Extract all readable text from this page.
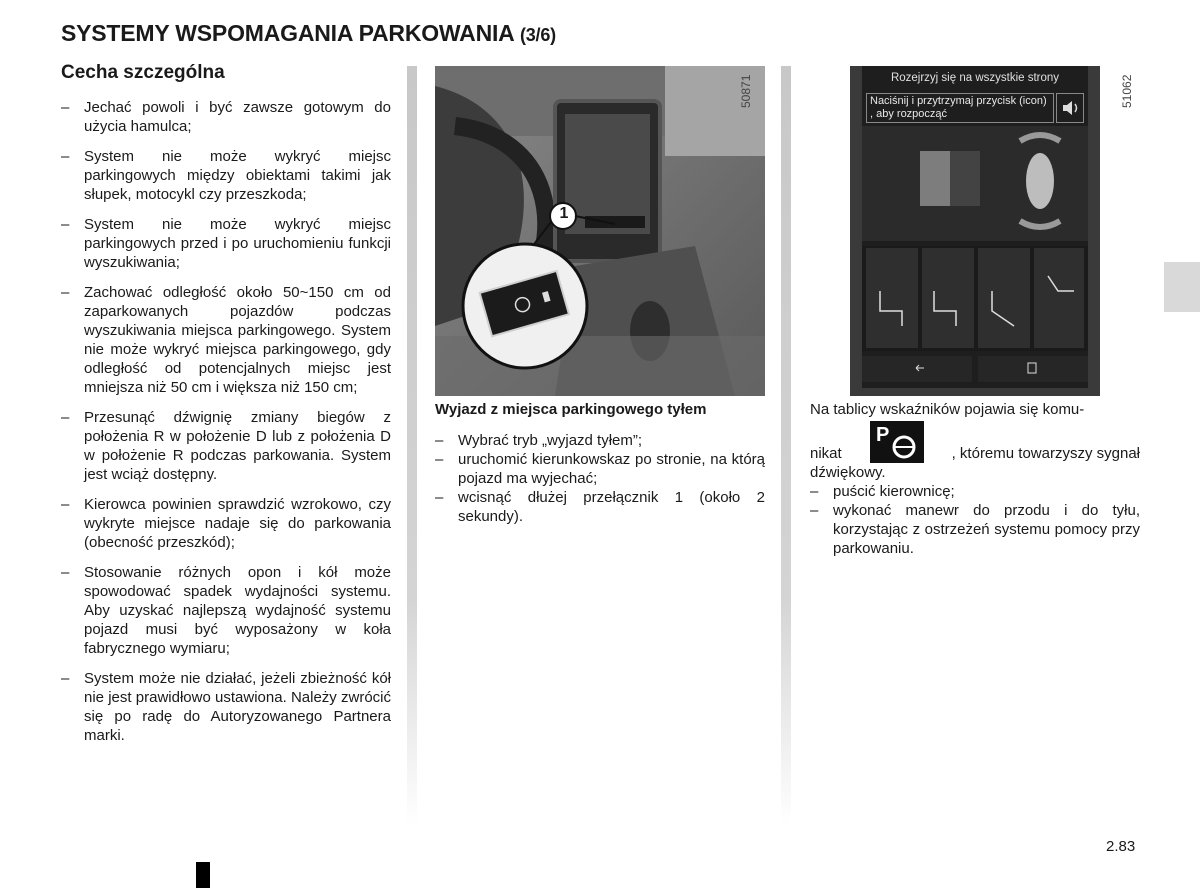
SYSTEMY WSPOMAGANIA PARKOWANIA (3/6)
Cecha szczególna
– Jechać powoli i być zawsze gotowym do użycia hamulca;
– System nie może wykryć miejsc parkingowych między obiektami takimi jak słupek, motocykl czy przeszkoda;
– System nie może wykryć miejsc parkingowych przed i po uruchomieniu funkcji wyszukiwania;
– Zachować odległość około 50~150 cm od zaparkowanych pojazdów podczas wyszukiwania miejsca parkingowego. System nie może wykryć miejsca parkingowego, gdy odległość od potencjalnych miejsc jest mniejsza niż 50 cm i większa niż 150 cm;
– Przesunąć dźwignię zmiany biegów z położenia R w położenie D lub z położenia D w położenie R podczas parkowania. System jest wciąż dostępny.
– Kierowca powinien sprawdzić wzrokowo, czy wykryte miejsce nadaje się do parkowania (obecność przeszkód);
– Stosowanie różnych opon i kół może spowodować spadek wydajności systemu. Aby uzyskać najlepszą wydajność systemu pojazd musi być wyposażony w koła fabrycznego wymiaru;
– System może nie działać, jeżeli zbieżność kół nie jest prawidłowo ustawiona. Należy zwrócić się po radę do Autoryzowanego Partnera marki.
50871
1

Wyjazd z miejsca parkingowego tyłem

– Wybrać tryb „wyjazd tyłem”;
– uruchomić kierunkowskaz po stronie, na którą pojazd ma wyjechać;
– wcisnąć dłużej przełącznik 1 (około 2 sekundy).
Rozejrzyj się na wszystkie strony
Naciśnij i przytrzymaj przycisk (icon) , aby rozpocząć
51062

Na tablicy wskaźników pojawia się komu-

nikat
P
, któremu towarzyszy sygnał

dźwiękowy.

– puścić kierownicę;
– wykonać manewr do przodu i do tyłu, korzystając z ostrzeżeń systemu pomocy przy parkowaniu.
2.83
